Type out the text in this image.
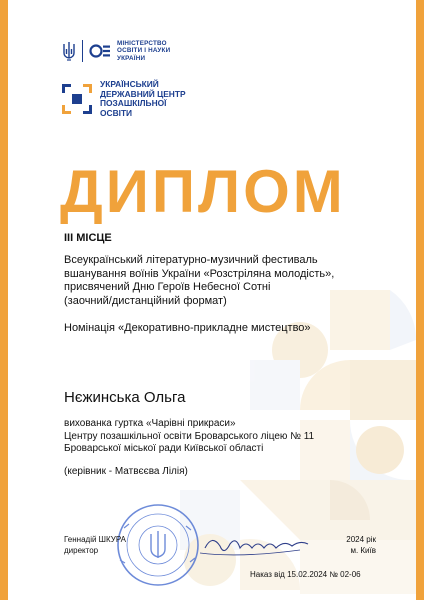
МІНІСТЕРСТВО
ОСВІТИ І НАУКИ
УКРАЇНИ
УКРАЇНСЬКИЙ
ДЕРЖАВНИЙ ЦЕНТР
ПОЗАШКІЛЬНОЇ
ОСВІТИ
ДИПЛОМ
ІІІ МІСЦЕ
Всеукраїнський літературно-музичний фестиваль
вшанування воїнів України «Розстріляна молодість»,
присвячений Дню Героїв Небесної Сотні
(заочний/дистанційний формат)
Номінація «Декоративно-прикладне мистецтво»
Нєжинська Ольга
вихованка гуртка «Чарівні прикраси»
Центру позашкільної освіти Броварського ліцею № 11
Броварської міської ради Київської області
(керівник - Матвєєва Лілія)
Геннадій ШКУРА
директор
2024 рік
м. Київ
Наказ від 15.02.2024 № 02-06
